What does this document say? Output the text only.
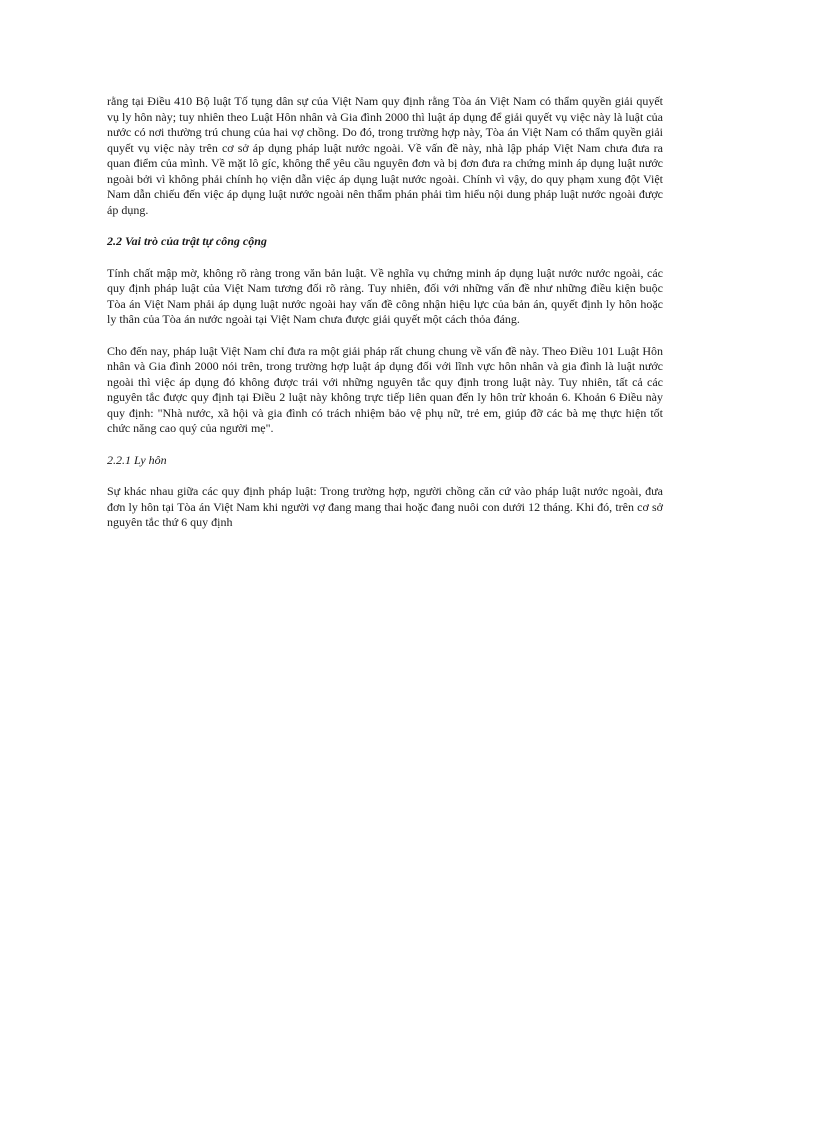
rằng tại Điều 410 Bộ luật Tố tụng dân sự của Việt Nam quy định rằng Tòa án Việt Nam có thẩm quyền giải quyết vụ ly hôn này; tuy nhiên theo Luật Hôn nhân và Gia đình 2000 thì luật áp dụng để giải quyết vụ việc này là luật của nước có nơi thường trú chung của hai vợ chồng. Do đó, trong trường hợp này, Tòa án Việt Nam có thẩm quyền giải quyết vụ việc này trên cơ sở áp dụng pháp luật nước ngoài. Về vấn đề này, nhà lập pháp Việt Nam chưa đưa ra quan điểm của mình. Về mặt lô gíc, không thể yêu cầu nguyên đơn và bị đơn đưa ra chứng minh áp dụng luật nước ngoài bởi vì không phải chính họ viện dẫn việc áp dụng luật nước ngoài. Chính vì vậy, do quy phạm xung đột Việt Nam dẫn chiếu đến việc áp dụng luật nước ngoài nên thẩm phán phải tìm hiểu nội dung pháp luật nước ngoài được áp dụng.

2.2 Vai trò của trật tự công cộng

Tính chất mập mờ, không rõ ràng trong văn bản luật. Về nghĩa vụ chứng minh áp dụng luật nước nước ngoài, các quy định pháp luật của Việt Nam tương đối rõ ràng. Tuy nhiên, đối với những vấn đề như những điều kiện buộc Tòa án Việt Nam phải áp dụng luật nước ngoài hay vấn đề công nhận hiệu lực của bản án, quyết định ly hôn hoặc ly thân của Tòa án nước ngoài tại Việt Nam chưa được giải quyết một cách thỏa đáng.

Cho đến nay, pháp luật Việt Nam chỉ đưa ra một giải pháp rất chung chung về vấn đề này. Theo Điều 101 Luật Hôn nhân và Gia đình 2000 nói trên, trong trường hợp luật áp dụng đối với lĩnh vực hôn nhân và gia đình là luật nước ngoài thì việc áp dụng đó không được trái với những nguyên tắc quy định trong luật này. Tuy nhiên, tất cả các nguyên tắc được quy định tại Điều 2 luật này không trực tiếp liên quan đến ly hôn trừ khoản 6. Khoản 6 Điều này quy định: "Nhà nước, xã hội và gia đình có trách nhiệm bảo vệ phụ nữ, trẻ em, giúp đỡ các bà mẹ thực hiện tốt chức năng cao quý của người mẹ".

2.2.1 Ly hôn

Sự khác nhau giữa các quy định pháp luật: Trong trường hợp, người chồng căn cứ vào pháp luật nước ngoài, đưa đơn ly hôn tại Tòa án Việt Nam khi người vợ đang mang thai hoặc đang nuôi con dưới 12 tháng. Khi đó, trên cơ sở nguyên tắc thứ 6 quy định
